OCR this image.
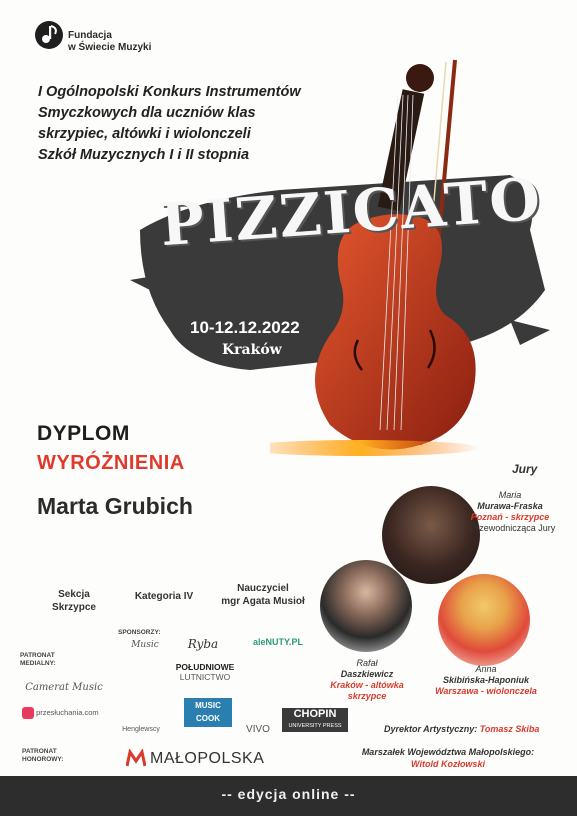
Fundacja
w Świecie Muzyki
I Ogólnopolski Konkurs Instrumentów
Smyczkowych dla uczniów klas
skrzypiec, altówki i wiolonczeli
Szkół Muzycznych I i II stopnia
PIZZICATO
10-12.12.2022
Kraków
DYPLOM
WYRÓŻNIENIA
Marta Grubich
Jury
Maria
Murawa-Fraska
Poznań - skrzypce
- Przewodnicząca Jury
Rafał
Daszkiewicz
Kraków - altówka
skrzypce
Anna
Skibińska-Haponiuk
Warszawa - wiolonczela
Sekcja
Skrzypce
Kategoria IV
Nauczyciel
mgr Agata Musioł
SPONSORZY:
PATRONAT MEDIALNY:
Music	Ryba	aleNUTY.PL
POŁUDNIOWE
LUTNICTWO
Camerat Music
przesłuchania.com
Henglewscy
MUSIC COOK
VIVO
CHOPIN
UNIVERSITY PRESS	Dyrektor Artystyczny: Tomasz Skiba
PATRONAT
HONOROWY:	MAŁOPOLSKA	Marszałek Województwa Małopolskiego:
Witold Kozłowski
-- edycja online --
